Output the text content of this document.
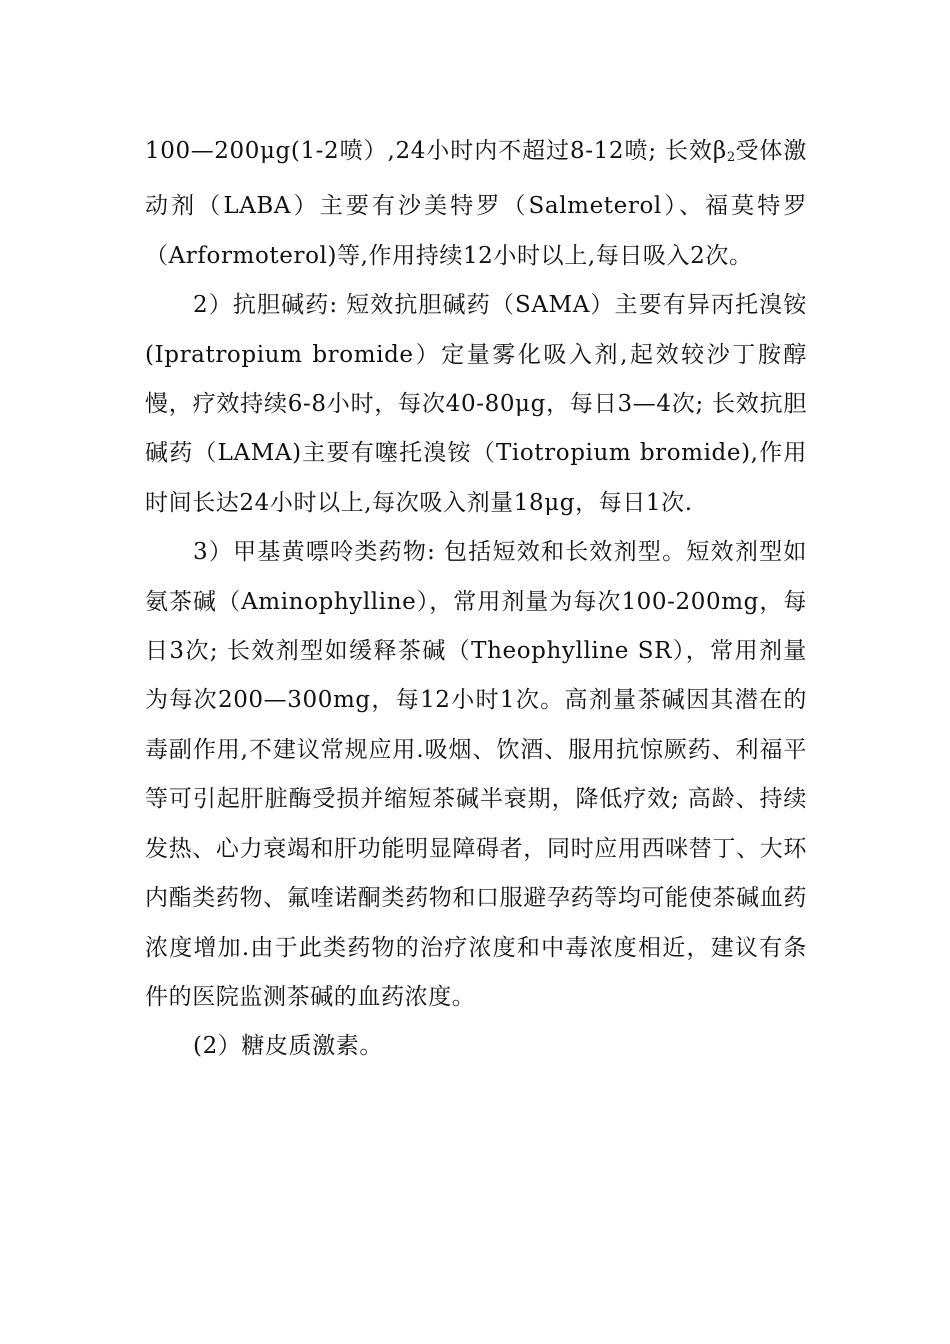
100—200μg(1-2喷）,24小时内不超过8-12喷; 长效$\beta_2$受体激动剂（LABA）主要有沙美特罗（Salmeterol）、福莫特罗（Arformoterol)等,作用持续12小时以上,每日吸入2次。

2）抗胆碱药: 短效抗胆碱药（SAMA）主要有异丙托溴铵(Ipratropium bromide）定量雾化吸入剂,起效较沙丁胺醇慢，疗效持续6-8小时，每次40-80μg，每日3—4次; 长效抗胆碱药（LAMA)主要有噻托溴铵（Tiotropium bromide),作用时间长达24小时以上,每次吸入剂量18μg，每日1次.

3）甲基黄嘌呤类药物: 包括短效和长效剂型。短效剂型如氨茶碱（Aminophylline），常用剂量为每次100-200mg，每日3次; 长效剂型如缓释茶碱（Theophylline SR），常用剂量为每次200—300mg，每12小时1次。高剂量茶碱因其潜在的毒副作用,不建议常规应用.吸烟、饮酒、服用抗惊厥药、利福平等可引起肝脏酶受损并缩短茶碱半衰期，降低疗效; 高龄、持续发热、心力衰竭和肝功能明显障碍者，同时应用西咪替丁、大环内酯类药物、氟喹诺酮类药物和口服避孕药等均可能使茶碱血药浓度增加.由于此类药物的治疗浓度和中毒浓度相近，建议有条件的医院监测茶碱的血药浓度。

(2）糖皮质激素。
